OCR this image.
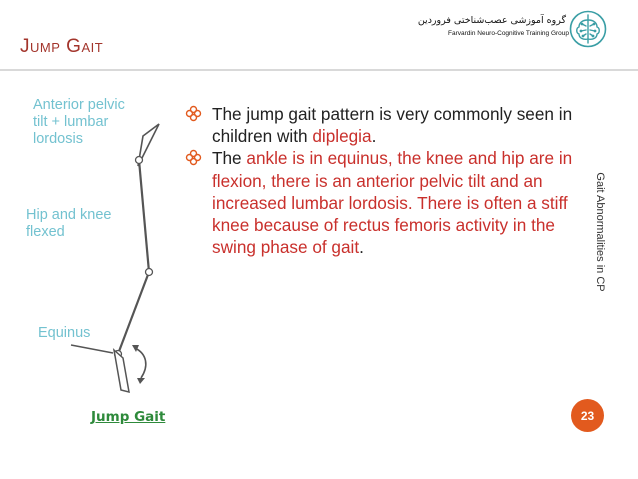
Jump Gait
گروه آموزشی عصب‌شناختی فروردین
Farvardin Neuro-Cognitive Training Group
Anterior pelvic
tilt + lumbar
lordosis
Hip and knee
flexed
Equinus
Jump Gait
The jump gait pattern is very commonly seen in children with diplegia.
The ankle is in equinus, the knee and hip are in flexion, there is an anterior pelvic tilt and an increased lumbar lordosis. There is often a stiff knee because of rectus femoris activity in the swing phase of gait.	Gait Abnormalities in CP
23
